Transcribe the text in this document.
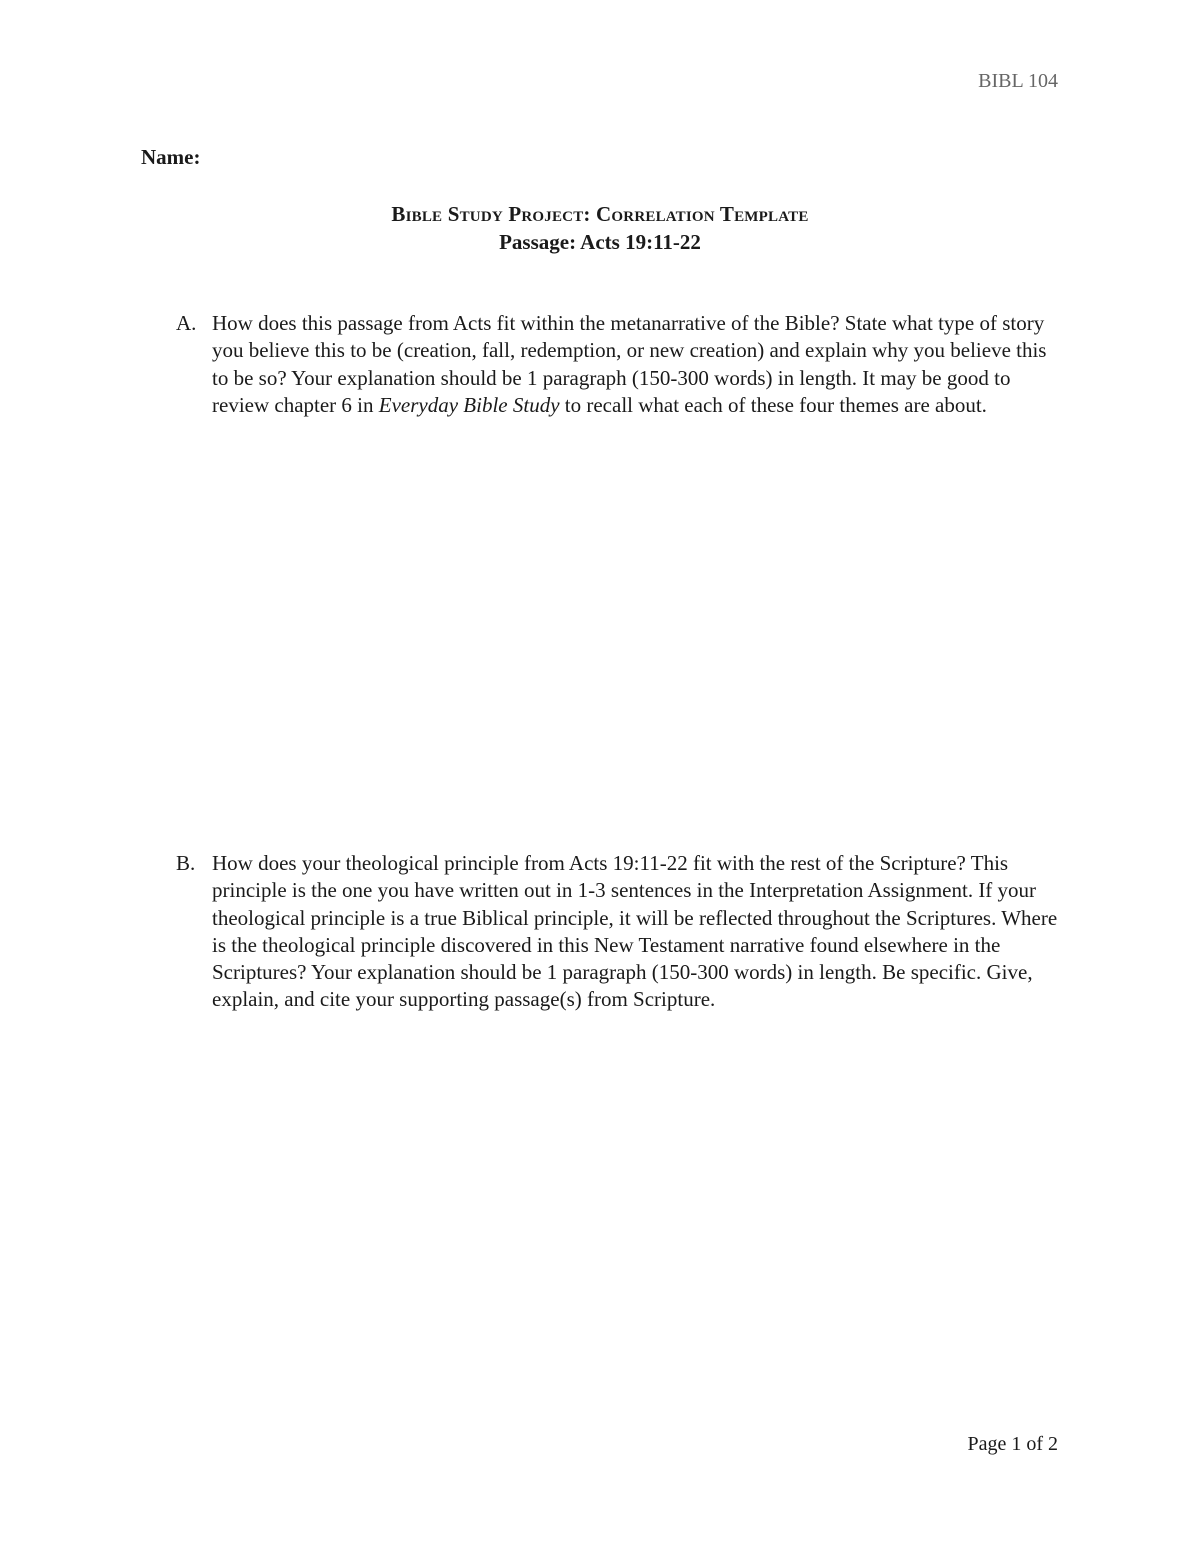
BIBL 104
Name:
Bible Study Project: Correlation Template
Passage: Acts 19:11-22
A. How does this passage from Acts fit within the metanarrative of the Bible? State what type of story you believe this to be (creation, fall, redemption, or new creation) and explain why you believe this to be so? Your explanation should be 1 paragraph (150-300 words) in length. It may be good to review chapter 6 in Everyday Bible Study to recall what each of these four themes are about.
B. How does your theological principle from Acts 19:11-22 fit with the rest of the Scripture? This principle is the one you have written out in 1-3 sentences in the Interpretation Assignment. If your theological principle is a true Biblical principle, it will be reflected throughout the Scriptures. Where is the theological principle discovered in this New Testament narrative found elsewhere in the Scriptures? Your explanation should be 1 paragraph (150-300 words) in length. Be specific. Give, explain, and cite your supporting passage(s) from Scripture.
Page 1 of 2
